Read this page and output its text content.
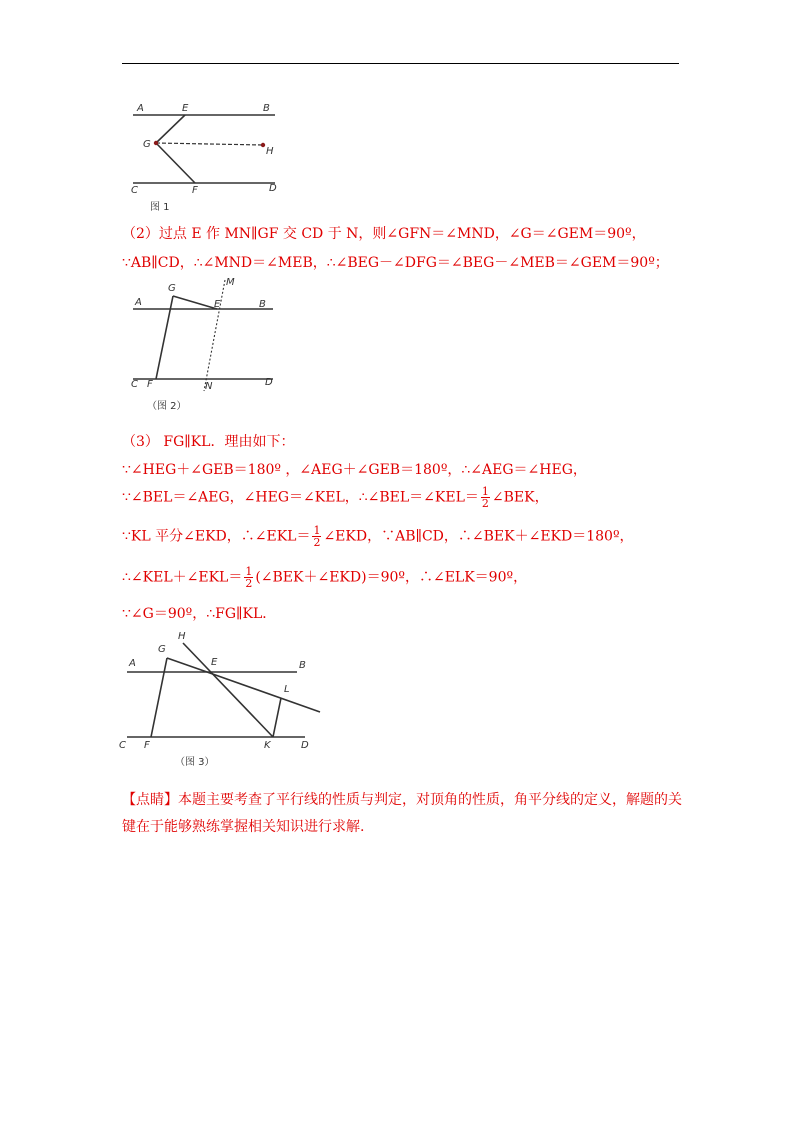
A	E	B
G
H
C	F	D
图 1
（2）过点 E 作 MN∥GF 交 CD 于 N，则∠GFN＝∠MND，∠G＝∠GEM＝90º，
∵AB∥CD，∴∠MND＝∠MEB，∴∠BEG－∠DFG＝∠BEG－∠MEB＝∠GEM＝90º；
G
M
A	E	B
C F	N	D
（图 2）
（3） FG∥KL．理由如下：
∵∠HEG＋∠GEB＝180º ，∠AEG＋∠GEB＝180º，∴∠AEG＝∠HEG，
∵∠BEL＝∠AEG，∠HEG＝∠KEL，∴∠BEL＝∠KEL＝ $\frac{1}{2}$ ∠BEK，
∵KL 平分∠EKD，∴∠EKL＝ $\frac{1}{2}$ ∠EKD，∵AB∥CD，∴∠BEK＋∠EKD＝180º，
∴∠KEL＋∠EKL＝ $\frac{1}{2}$ (∠BEK＋∠EKD)＝90º，∴∠ELK＝90º，
∵∠G＝90º，∴FG∥KL．
H
G
A	E	B
L
C F	K	D
（图 3）
【点睛】本题主要考查了平行线的性质与判定，对顶角的性质，角平分线的定义，解题的关键在于能够熟练掌握相关知识进行求解.
